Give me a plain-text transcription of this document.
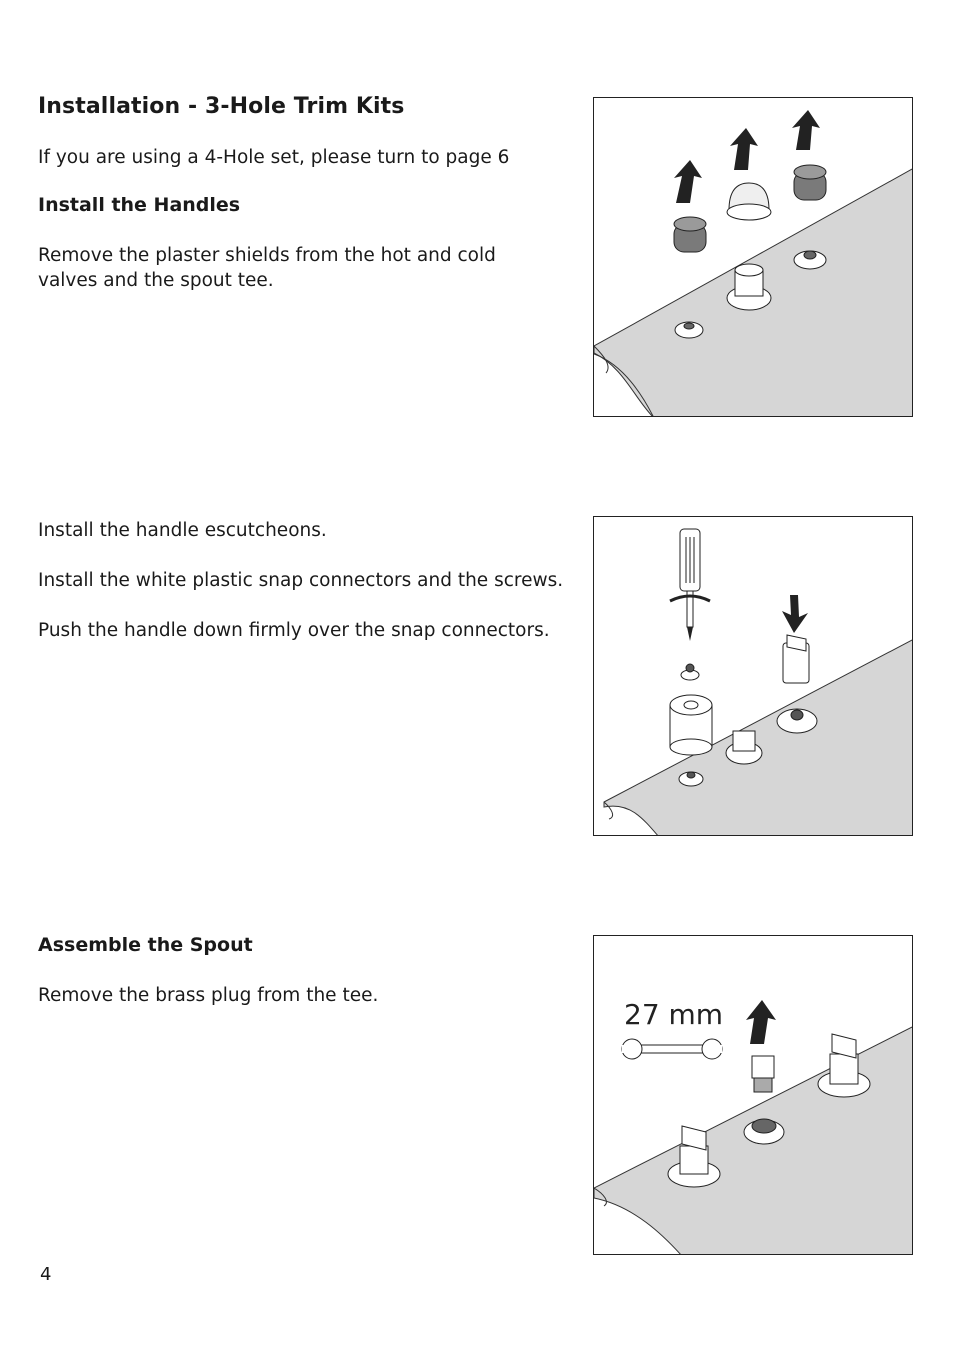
Installation - 3-Hole Trim Kits

If you are using a 4-Hole set, please turn to page 6

Install the Handles

Remove the plaster shields from the hot and cold valves and the spout tee.

Install the handle escutcheons.

Install the white plastic snap connectors and the screws.

Push the handle down firmly over the snap connectors.

Assemble the Spout

Remove the brass plug from the tee.

4
27 mm
